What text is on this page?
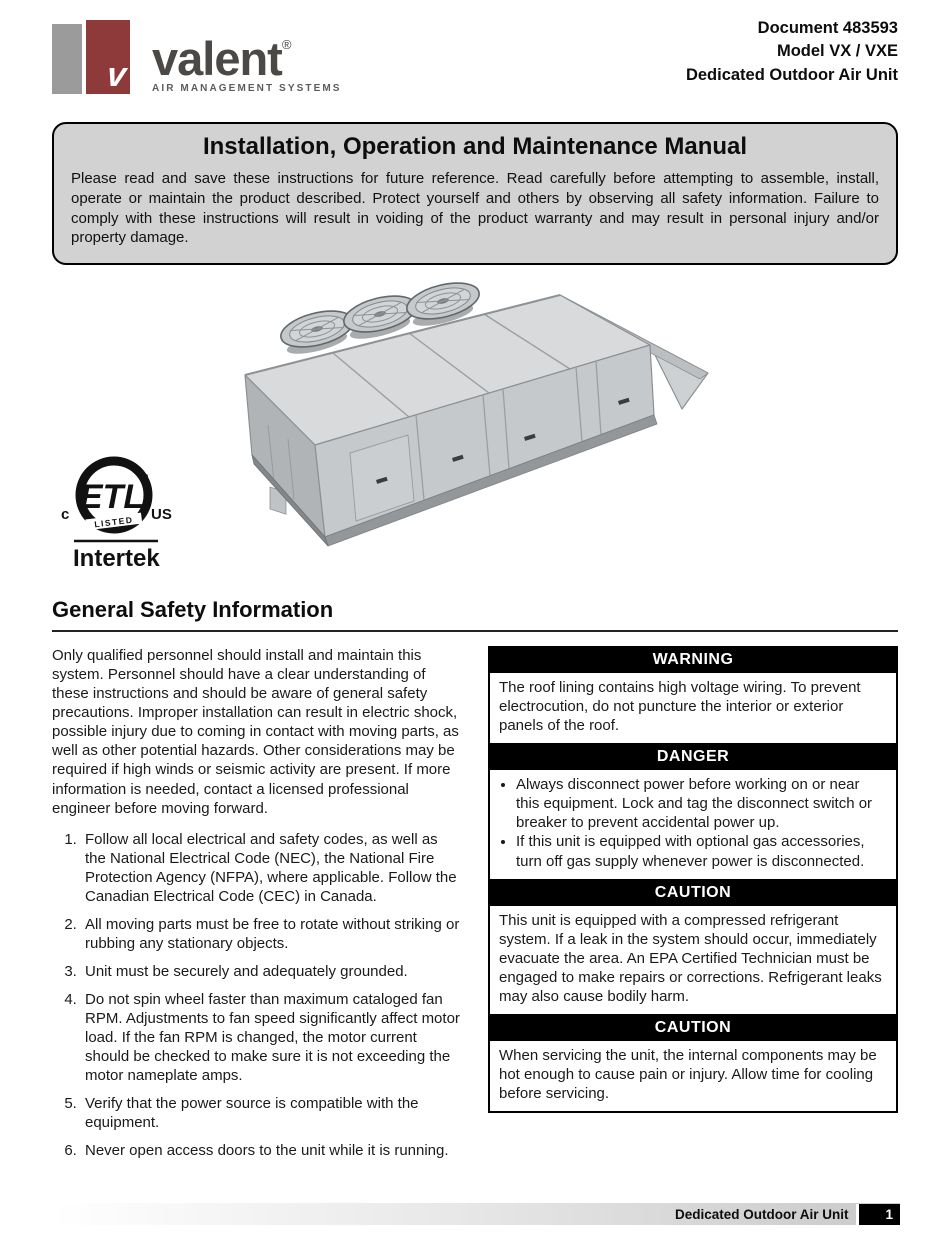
v valent®
AIR MANAGEMENT SYSTEMS
Document 483593
Model VX / VXE
Dedicated Outdoor Air Unit
Installation, Operation and Maintenance Manual

Please read and save these instructions for future reference. Read carefully before attempting to assemble, install, operate or maintain the product described. Protect yourself and others by observing all safety information. Failure to comply with these instructions will result in voiding of the product warranty and may result in personal injury and/or property damage.

ETL
CM
LISTED
c	US
Intertek
General Safety Information

Only qualified personnel should install and maintain this system. Personnel should have a clear understanding of these instructions and should be aware of general safety precautions. Improper installation can result in electric shock, possible injury due to coming in contact with moving parts, as well as other potential hazards. Other considerations may be required if high winds or seismic activity are present. If more information is needed, contact a licensed professional engineer before moving forward.

1. Follow all local electrical and safety codes, as well as the National Electrical Code (NEC), the National Fire Protection Agency (NFPA), where applicable. Follow the Canadian Electrical Code (CEC) in Canada.
2. All moving parts must be free to rotate without striking or rubbing any stationary objects.
3. Unit must be securely and adequately grounded.
4. Do not spin wheel faster than maximum cataloged fan RPM. Adjustments to fan speed significantly affect motor load. If the fan RPM is changed, the motor current should be checked to make sure it is not exceeding the motor nameplate amps.
5. Verify that the power source is compatible with the equipment.
6. Never open access doors to the unit while it is running.
WARNING

The roof lining contains high voltage wiring. To prevent electrocution, do not puncture the interior or exterior panels of the roof.

DANGER
• Always disconnect power before working on or near this equipment. Lock and tag the disconnect switch or breaker to prevent accidental power up.
• If this unit is equipped with optional gas accessories, turn off gas supply whenever power is disconnected.
CAUTION

This unit is equipped with a compressed refrigerant system. If a leak in the system should occur, immediately evacuate the area. An EPA Certified Technician must be engaged to make repairs or corrections. Refrigerant leaks may also cause bodily harm.

CAUTION

When servicing the unit, the internal components may be hot enough to cause pain or injury. Allow time for cooling before servicing.

Dedicated Outdoor Air Unit	1
